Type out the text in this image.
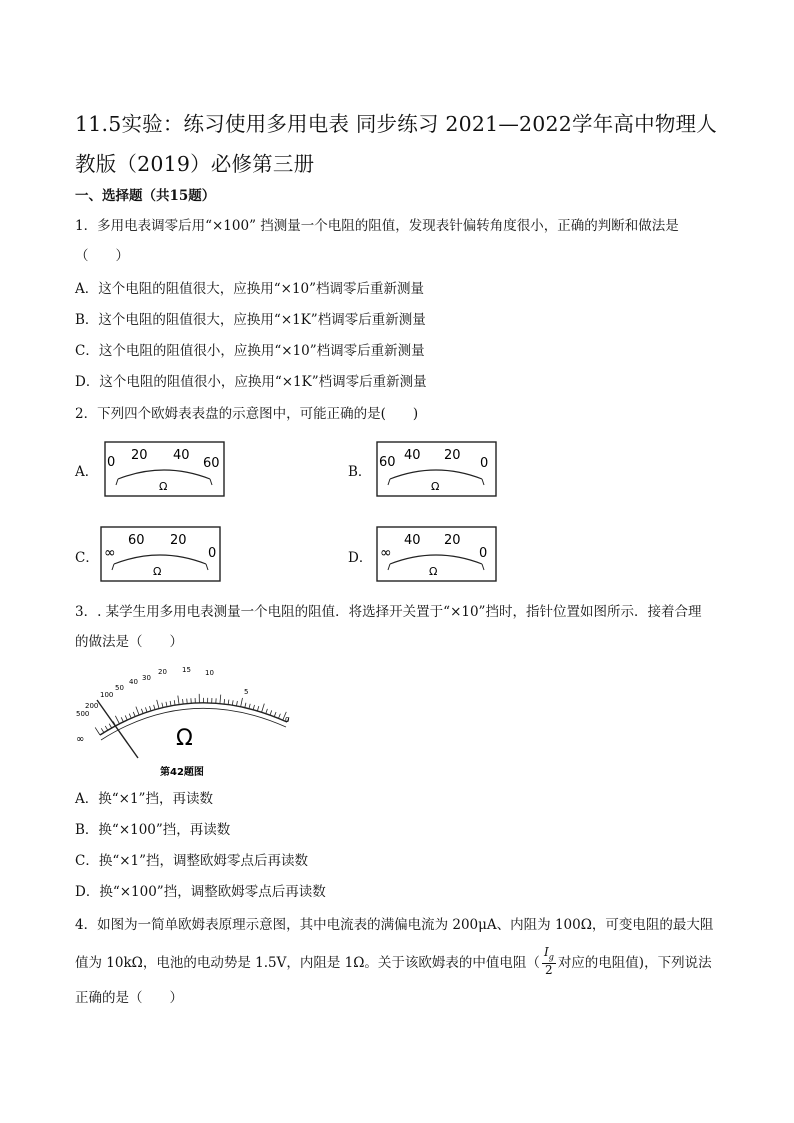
11.5实验：练习使用多用电表 同步练习 2021—2022学年高中物理人教版（2019）必修第三册
一、选择题（共15题）
1．多用电表调零后用“×100” 挡测量一个电阻的阻值，发现表针偏转角度很小，正确的判断和做法是
（　　）
A．这个电阻的阻值很大，应换用“×10”档调零后重新测量
B．这个电阻的阻值很大，应换用“×1K”档调零后重新测量
C．这个电阻的阻值很小，应换用“×10”档调零后重新测量
D．这个电阻的阻值很小，应换用“×1K”档调零后重新测量
2．下列四个欧姆表表盘的示意图中，可能正确的是(　　)
A．
0 20 40
60
Ω
B．
60 40 20
0
Ω
C． ∞
60 20
0
Ω
D． ∞
40 20
0
Ω
3．. 某学生用多用电表测量一个电阻的阻值．将选择开关置于“×10”挡时，指针位置如图所示．接着合理
的做法是（　　）
∞
500
200
100
50
40 30
20 15 10
5
0
Ω
第42题图
A．换“×1”挡，再读数
B．换“×100”挡，再读数
C．换“×1”挡，调整欧姆零点后再读数
D．换“×100”挡，调整欧姆零点后再读数
4．如图为一简单欧姆表原理示意图，其中电流表的满偏电流为 200μA、内阻为 100Ω，可变电阻的最大阻
值为 10kΩ，电池的电动势是 1.5V，内阻是 1Ω。关于该欧姆表的中值电阻（ $\frac{I_g}{2}$ 对应的电阻值)，下列说法
正确的是（　　）
